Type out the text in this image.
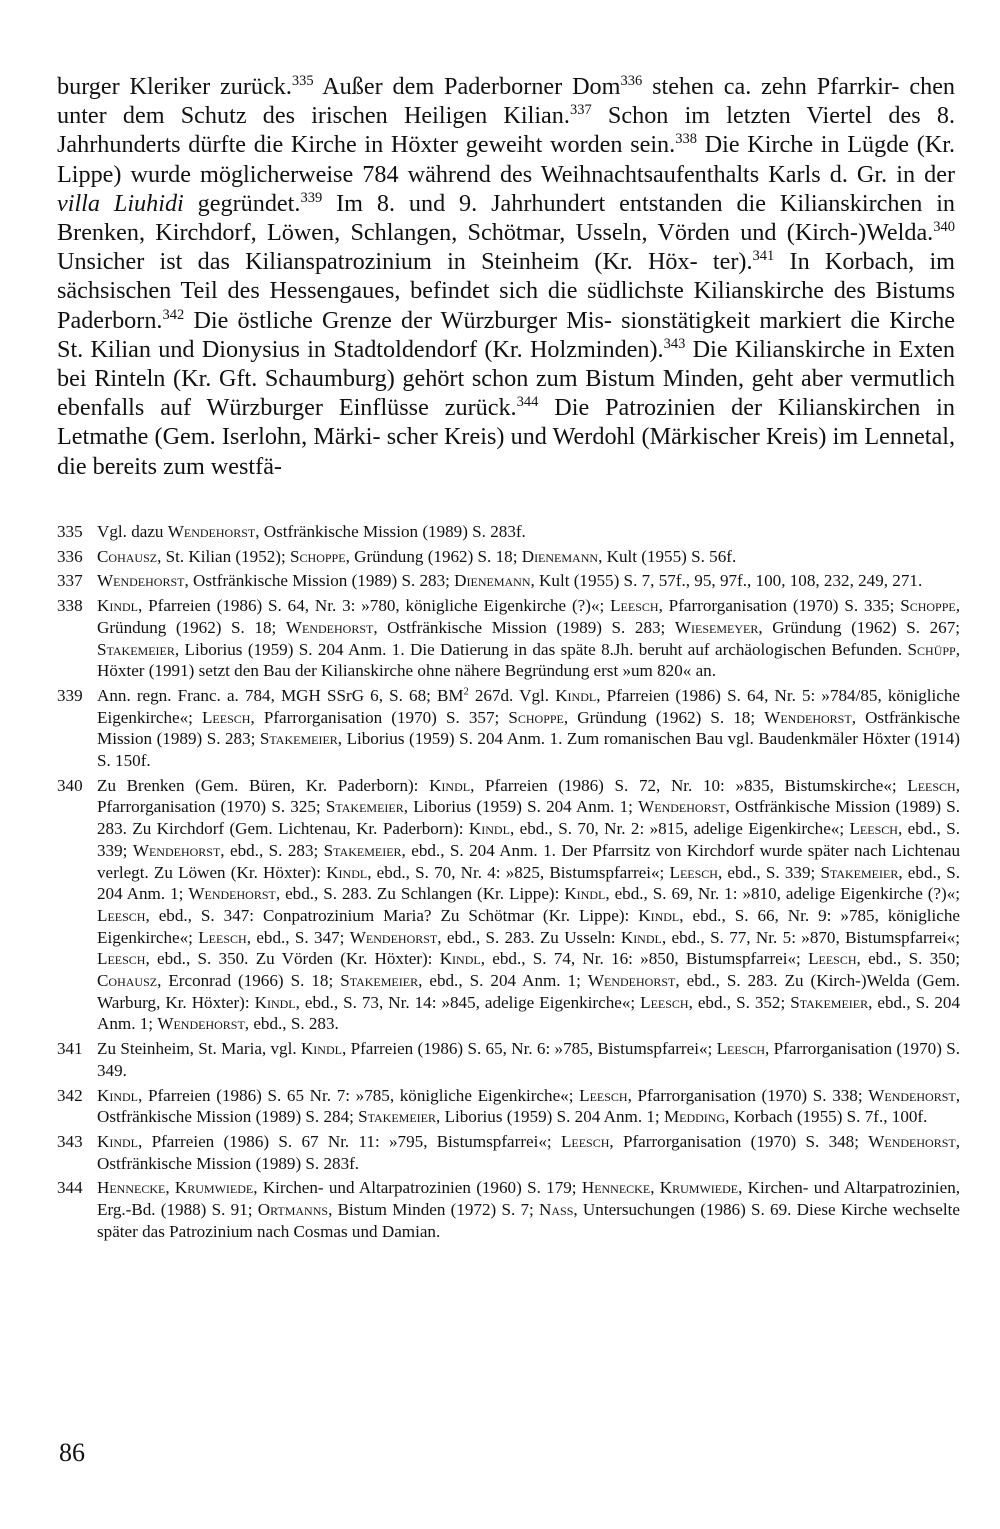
burger Kleriker zurück.$^{335}$ Außer dem Paderborner Dom$^{336}$ stehen ca. zehn Pfarrkir- chen unter dem Schutz des irischen Heiligen Kilian.$^{337}$ Schon im letzten Viertel des 8. Jahrhunderts dürfte die Kirche in Höxter geweiht worden sein.$^{338}$ Die Kirche in Lügde (Kr. Lippe) wurde möglicherweise 784 während des Weihnachtsaufenthalts Karls d. Gr. in der villa Liuhidi gegründet.$^{339}$ Im 8. und 9. Jahrhundert entstanden die Kilianskirchen in Brenken, Kirchdorf, Löwen, Schlangen, Schötmar, Usseln, Vörden und (Kirch-)Welda.$^{340}$ Unsicher ist das Kilianspatrozinium in Steinheim (Kr. Höx- ter).$^{341}$ In Korbach, im sächsischen Teil des Hessengaues, befindet sich die südlichste Kilianskirche des Bistums Paderborn.$^{342}$ Die östliche Grenze der Würzburger Mis- sionstätigkeit markiert die Kirche St. Kilian und Dionysius in Stadtoldendorf (Kr. Holzminden).$^{343}$ Die Kilianskirche in Exten bei Rinteln (Kr. Gft. Schaumburg) gehört schon zum Bistum Minden, geht aber vermutlich ebenfalls auf Würzburger Einflüsse zurück.$^{344}$ Die Patrozinien der Kilianskirchen in Letmathe (Gem. Iserlohn, Märki- scher Kreis) und Werdohl (Märkischer Kreis) im Lennetal, die bereits zum westfä-

335 Vgl. dazu Wendehorst, Ostfränkische Mission (1989) S. 283f.
336 Cohausz, St. Kilian (1952); Schoppe, Gründung (1962) S. 18; Dienemann, Kult (1955) S. 56f.
337 Wendehorst, Ostfränkische Mission (1989) S. 283; Dienemann, Kult (1955) S. 7, 57f., 95, 97f., 100, 108, 232, 249, 271.
338 Kindl, Pfarreien (1986) S. 64, Nr. 3: »780, königliche Eigenkirche (?)«; Leesch, Pfarrorganisation (1970) S. 335; Schoppe, Gründung (1962) S. 18; Wendehorst, Ostfränkische Mission (1989) S. 283; Wiesemeyer, Gründung (1962) S. 267; Stakemeier, Liborius (1959) S. 204 Anm. 1. Die Datierung in das späte 8.Jh. beruht auf archäologischen Befunden. Schüpp, Höxter (1991) setzt den Bau der Kilianskirche ohne nähere Begründung erst »um 820« an.
339 Ann. regn. Franc. a. 784, MGH SSrG 6, S. 68; $BM^2$ 267d. Vgl. Kindl, Pfarreien (1986) S. 64, Nr. 5: »784/85, königliche Eigenkirche«; Leesch, Pfarrorganisation (1970) S. 357; Schoppe, Gründung (1962) S. 18; Wendehorst, Ostfränkische Mission (1989) S. 283; Stakemeier, Liborius (1959) S. 204 Anm. 1. Zum romanischen Bau vgl. Baudenkmäler Höxter (1914) S. 150f.
340 Zu Brenken (Gem. Büren, Kr. Paderborn): Kindl, Pfarreien (1986) S. 72, Nr. 10: »835, Bistumskirche«; Leesch, Pfarrorganisation (1970) S. 325; Stakemeier, Liborius (1959) S. 204 Anm. 1; Wendehorst, Ostfränkische Mission (1989) S. 283. Zu Kirchdorf (Gem. Lichtenau, Kr. Paderborn): Kindl, ebd., S. 70, Nr. 2: »815, adelige Eigenkirche«; Leesch, ebd., S. 339; Wendehorst, ebd., S. 283; Stakemeier, ebd., S. 204 Anm. 1. Der Pfarrsitz von Kirchdorf wurde später nach Lichtenau verlegt. Zu Löwen (Kr. Höxter): Kindl, ebd., S. 70, Nr. 4: »825, Bistumspfarrei«; Leesch, ebd., S. 339; Stakemeier, ebd., S. 204 Anm. 1; Wendehorst, ebd., S. 283. Zu Schlangen (Kr. Lippe): Kindl, ebd., S. 69, Nr. 1: »810, adelige Eigenkirche (?)«; Leesch, ebd., S. 347: Conpatrozinium Maria? Zu Schötmar (Kr. Lippe): Kindl, ebd., S. 66, Nr. 9: »785, königliche Eigenkirche«; Leesch, ebd., S. 347; Wendehorst, ebd., S. 283. Zu Usseln: Kindl, ebd., S. 77, Nr. 5: »870, Bistumspfarrei«; Leesch, ebd., S. 350. Zu Vörden (Kr. Höxter): Kindl, ebd., S. 74, Nr. 16: »850, Bistumspfarrei«; Leesch, ebd., S. 350; Cohausz, Erconrad (1966) S. 18; Stakemeier, ebd., S. 204 Anm. 1; Wendehorst, ebd., S. 283. Zu (Kirch-)Welda (Gem. Warburg, Kr. Höxter): Kindl, ebd., S. 73, Nr. 14: »845, adelige Eigenkirche«; Leesch, ebd., S. 352; Stakemeier, ebd., S. 204 Anm. 1; Wendehorst, ebd., S. 283.
341 Zu Steinheim, St. Maria, vgl. Kindl, Pfarreien (1986) S. 65, Nr. 6: »785, Bistumspfarrei«; Leesch, Pfarrorganisation (1970) S. 349.
342 Kindl, Pfarreien (1986) S. 65 Nr. 7: »785, königliche Eigenkirche«; Leesch, Pfarrorganisation (1970) S. 338; Wendehorst, Ostfränkische Mission (1989) S. 284; Stakemeier, Liborius (1959) S. 204 Anm. 1; Medding, Korbach (1955) S. 7f., 100f.
343 Kindl, Pfarreien (1986) S. 67 Nr. 11: »795, Bistumspfarrei«; Leesch, Pfarrorganisation (1970) S. 348; Wendehorst, Ostfränkische Mission (1989) S. 283f.
344 Hennecke, Krumwiede, Kirchen- und Altarpatrozinien (1960) S. 179; Hennecke, Krumwiede, Kirchen- und Altarpatrozinien, Erg.-Bd. (1988) S. 91; Ortmanns, Bistum Minden (1972) S. 7; Nass, Untersuchungen (1986) S. 69. Diese Kirche wechselte später das Patrozinium nach Cosmas und Damian.
86
